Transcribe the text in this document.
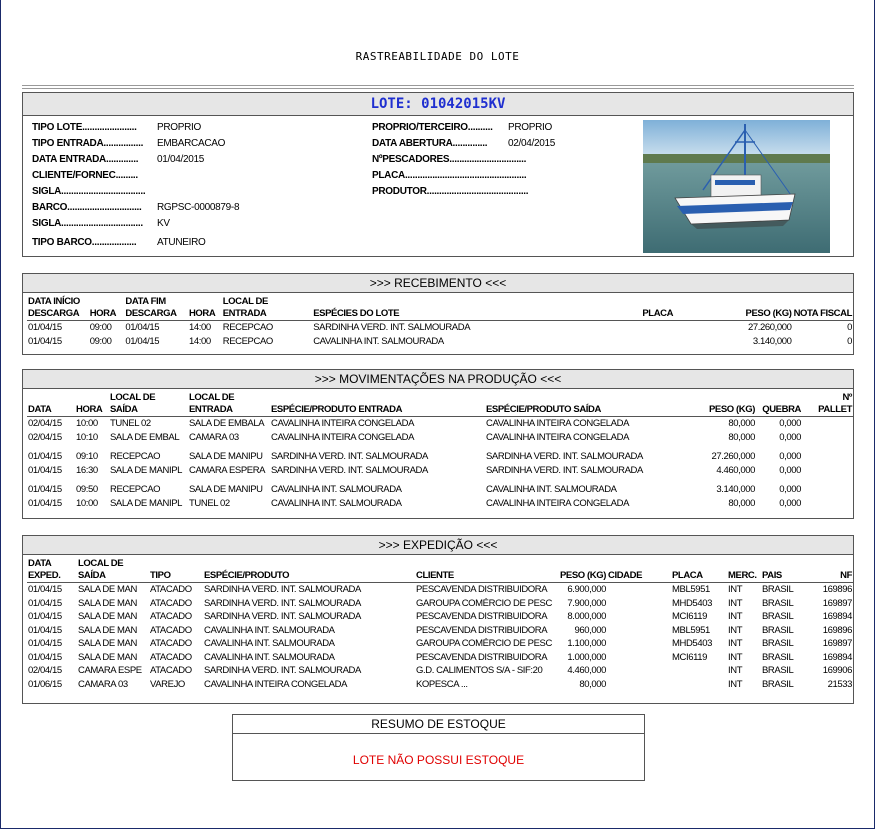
RASTREABILIDADE DO LOTE
LOTE: 01042015KV
TIPO LOTE...................... PROPRIO
TIPO ENTRADA................ EMBARCACAO
DATA ENTRADA............. 01/04/2015
CLIENTE/FORNEC.........
SIGLA..................................
BARCO.............................. RGPSC-0000879-8
SIGLA................................. KV
TIPO BARCO.................. ATUNEIRO
PROPRIO/TERCEIRO.......... PROPRIO
DATA ABERTURA.............. 02/04/2015
NºPESCADORES...............................
PLACA.................................................
PRODUTOR.........................................
>>> RECEBIMENTO <<<
DATA INÍCIO		DATA FIM		LOCAL DE				
DESCARGA	HORA	DESCARGA	HORA	ENTRADA	ESPÉCIES DO LOTE	PLACA	PESO (KG)	NOTA FISCAL
01/04/15	09:00	01/04/15	14:00	RECEPCAO	SARDINHA VERD. INT. SALMOURADA		27.260,000	0
01/04/15	09:00	01/04/15	14:00	RECEPCAO	CAVALINHA INT. SALMOURADA		3.140,000	0
>>> MOVIMENTAÇÕES NA PRODUÇÃO <<<
		LOCAL DE	LOCAL DE					Nº
DATA	HORA	SAÍDA	ENTRADA	ESPÉCIE/PRODUTO ENTRADA	ESPÉCIE/PRODUTO SAÍDA	PESO (KG)	QUEBRA	PALLET
02/04/15	10:00	TUNEL 02	SALA DE EMBALA	CAVALINHA INTEIRA CONGELADA	CAVALINHA INTEIRA CONGELADA	80,000	0,000	
02/04/15	10:10	SALA DE EMBAL	CAMARA 03	CAVALINHA INTEIRA CONGELADA	CAVALINHA INTEIRA CONGELADA	80,000	0,000	

01/04/15	09:10	RECEPCAO	SALA DE MANIPU	SARDINHA VERD. INT. SALMOURADA	SARDINHA VERD. INT. SALMOURADA	27.260,000	0,000	
01/04/15	16:30	SALA DE MANIPL	CAMARA ESPERA	SARDINHA VERD. INT. SALMOURADA	SARDINHA VERD. INT. SALMOURADA	4.460,000	0,000	

01/04/15	09:50	RECEPCAO	SALA DE MANIPU	CAVALINHA INT. SALMOURADA	CAVALINHA INT. SALMOURADA	3.140,000	0,000	
01/04/15	10:00	SALA DE MANIPL	TUNEL 02	CAVALINHA INT. SALMOURADA	CAVALINHA INTEIRA CONGELADA	80,000	0,000	
>>> EXPEDIÇÃO <<<
DATA	LOCAL DE									
EXPED.	SAÍDA	TIPO	ESPÉCIE/PRODUTO	CLIENTE	PESO (KG)	CIDADE	PLACA	MERC.	PAIS	NF
01/04/15	SALA DE MAN	ATACADO	SARDINHA VERD. INT. SALMOURADA	PESCAVENDA DISTRIBUIDORA	6.900,000		MBL5951	INT	BRASIL	169896
01/04/15	SALA DE MAN	ATACADO	SARDINHA VERD. INT. SALMOURADA	GAROUPA COMÉRCIO DE PESC	7.900,000		MHD5403	INT	BRASIL	169897
01/04/15	SALA DE MAN	ATACADO	SARDINHA VERD. INT. SALMOURADA	PESCAVENDA DISTRIBUIDORA	8.000,000		MCI6119	INT	BRASIL	169894
01/04/15	SALA DE MAN	ATACADO	CAVALINHA INT. SALMOURADA	PESCAVENDA DISTRIBUIDORA	960,000		MBL5951	INT	BRASIL	169896
01/04/15	SALA DE MAN	ATACADO	CAVALINHA INT. SALMOURADA	GAROUPA COMÉRCIO DE PESC	1.100,000		MHD5403	INT	BRASIL	169897
01/04/15	SALA DE MAN	ATACADO	CAVALINHA INT. SALMOURADA	PESCAVENDA DISTRIBUIDORA	1.000,000		MCI6119	INT	BRASIL	169894
02/04/15	CAMARA ESPE	ATACADO	SARDINHA VERD. INT. SALMOURADA	G.D. CALIMENTOS S/A - SIF:20	4.460,000			INT	BRASIL	169906
01/06/15	CAMARA 03	VAREJO	CAVALINHA INTEIRA CONGELADA	KOPESCA ...	80,000			INT	BRASIL	21533
RESUMO DE ESTOQUE
LOTE NÃO POSSUI ESTOQUE
